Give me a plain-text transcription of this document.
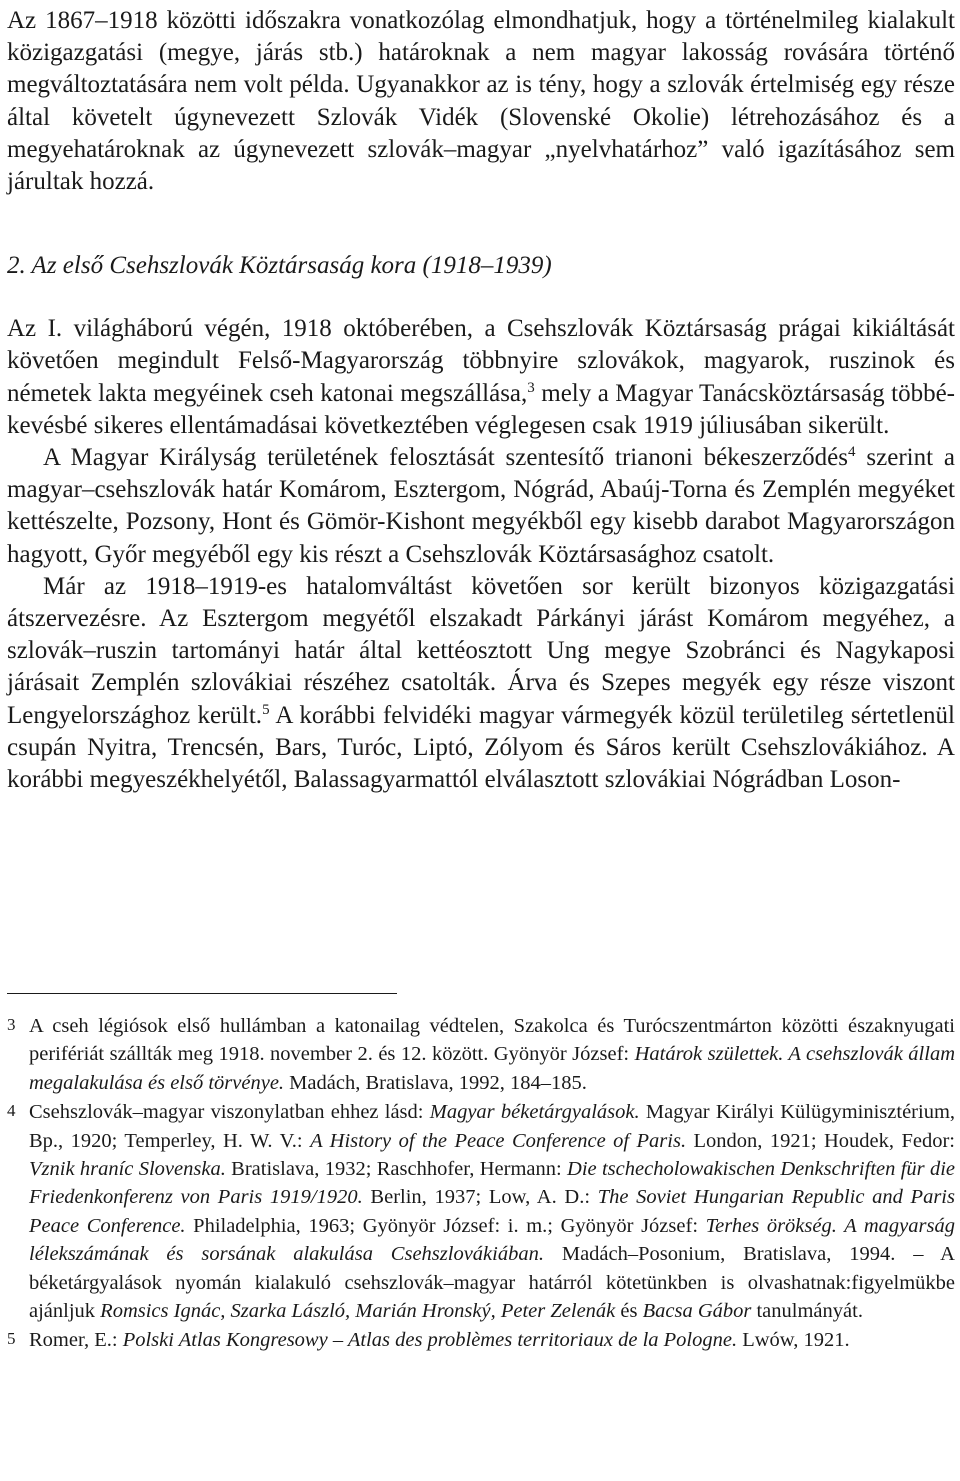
Az 1867–1918 közötti időszakra vonatkozólag elmondhatjuk, hogy a történelmileg kialakult közigazgatási (megye, járás stb.) határoknak a nem magyar lakosság rovására történő megváltoztatására nem volt példa. Ugyanakkor az is tény, hogy a szlovák értelmiség egy része által követelt úgynevezett Szlovák Vidék (Slovenské Okolie) létrehozásához és a megyehatároknak az úgynevezett szlovák–magyar „nyelvhatárhoz” való igazításához sem járultak hozzá.

2. Az első Csehszlovák Köztársaság kora (1918–1939)

Az I. világháború végén, 1918 októberében, a Csehszlovák Köztársaság prágai kikiáltását követően megindult Felső-Magyarország többnyire szlovákok, magyarok, ruszinok és németek lakta megyéinek cseh katonai megszállása,$^3$ mely a Magyar Tanácsköztársaság többé-kevésbé sikeres ellentámadásai következtében véglegesen csak 1919 júliusában sikerült.

A Magyar Királyság területének felosztását szentesítő trianoni békeszerződés$^4$ szerint a magyar–csehszlovák határ Komárom, Esztergom, Nógrád, Abaúj-Torna és Zemplén megyéket kettészelte, Pozsony, Hont és Gömör-Kishont megyékből egy kisebb darabot Magyarországon hagyott, Győr megyéből egy kis részt a Csehszlovák Köztársasághoz csatolt.

Már az 1918–1919-es hatalomváltást követően sor került bizonyos közigazgatási átszervezésre. Az Esztergom megyétől elszakadt Párkányi járást Komárom megyéhez, a szlovák–ruszin tartományi határ által kettéosztott Ung megye Szobránci és Nagykaposi járásait Zemplén szlovákiai részéhez csatolták. Árva és Szepes megyék egy része viszont Lengyelországhoz került.$^5$ A korábbi felvidéki magyar vármegyék közül területileg sértetlenül csupán Nyitra, Trencsén, Bars, Turóc, Liptó, Zólyom és Sáros került Csehszlovákiához. A korábbi megyeszékhelyétől, Balassagyarmattól elválasztott szlovákiai Nógrádban Loson-

3 A cseh légiósok első hullámban a katonailag védtelen, Szakolca és Turócszentmárton közötti északnyugati perifériát szállták meg 1918. november 2. és 12. között. Gyönyör József: Határok születtek. A csehszlovák állam megalakulása és első törvénye. Madách, Bratislava, 1992, 184–185.

4 Csehszlovák–magyar viszonylatban ehhez lásd: Magyar béketárgyalások. Magyar Királyi Külügyminisztérium, Bp., 1920; Temperley, H. W. V.: A History of the Peace Conference of Paris. London, 1921; Houdek, Fedor: Vznik hraníc Slovenska. Bratislava, 1932; Raschhofer, Hermann: Die tschecholowakischen Denkschriften für die Friedenkonferenz von Paris 1919/1920. Berlin, 1937; Low, A. D.: The Soviet Hungarian Republic and Paris Peace Conference. Philadelphia, 1963; Gyönyör József: i. m.; Gyönyör József: Terhes örökség. A magyarság lélekszámának és sorsának alakulása Csehszlovákiában. Madách–Posonium, Bratislava, 1994. – A béketárgyalások nyomán kialakuló csehszlovák–magyar határról kötetünkben is olvashatnak:figyelmükbe ajánljuk Romsics Ignác, Szarka László, Marián Hronský, Peter Zelenák és Bacsa Gábor tanulmányát.

5 Romer, E.: Polski Atlas Kongresowy – Atlas des problèmes territoriaux de la Pologne. Lwów, 1921.
